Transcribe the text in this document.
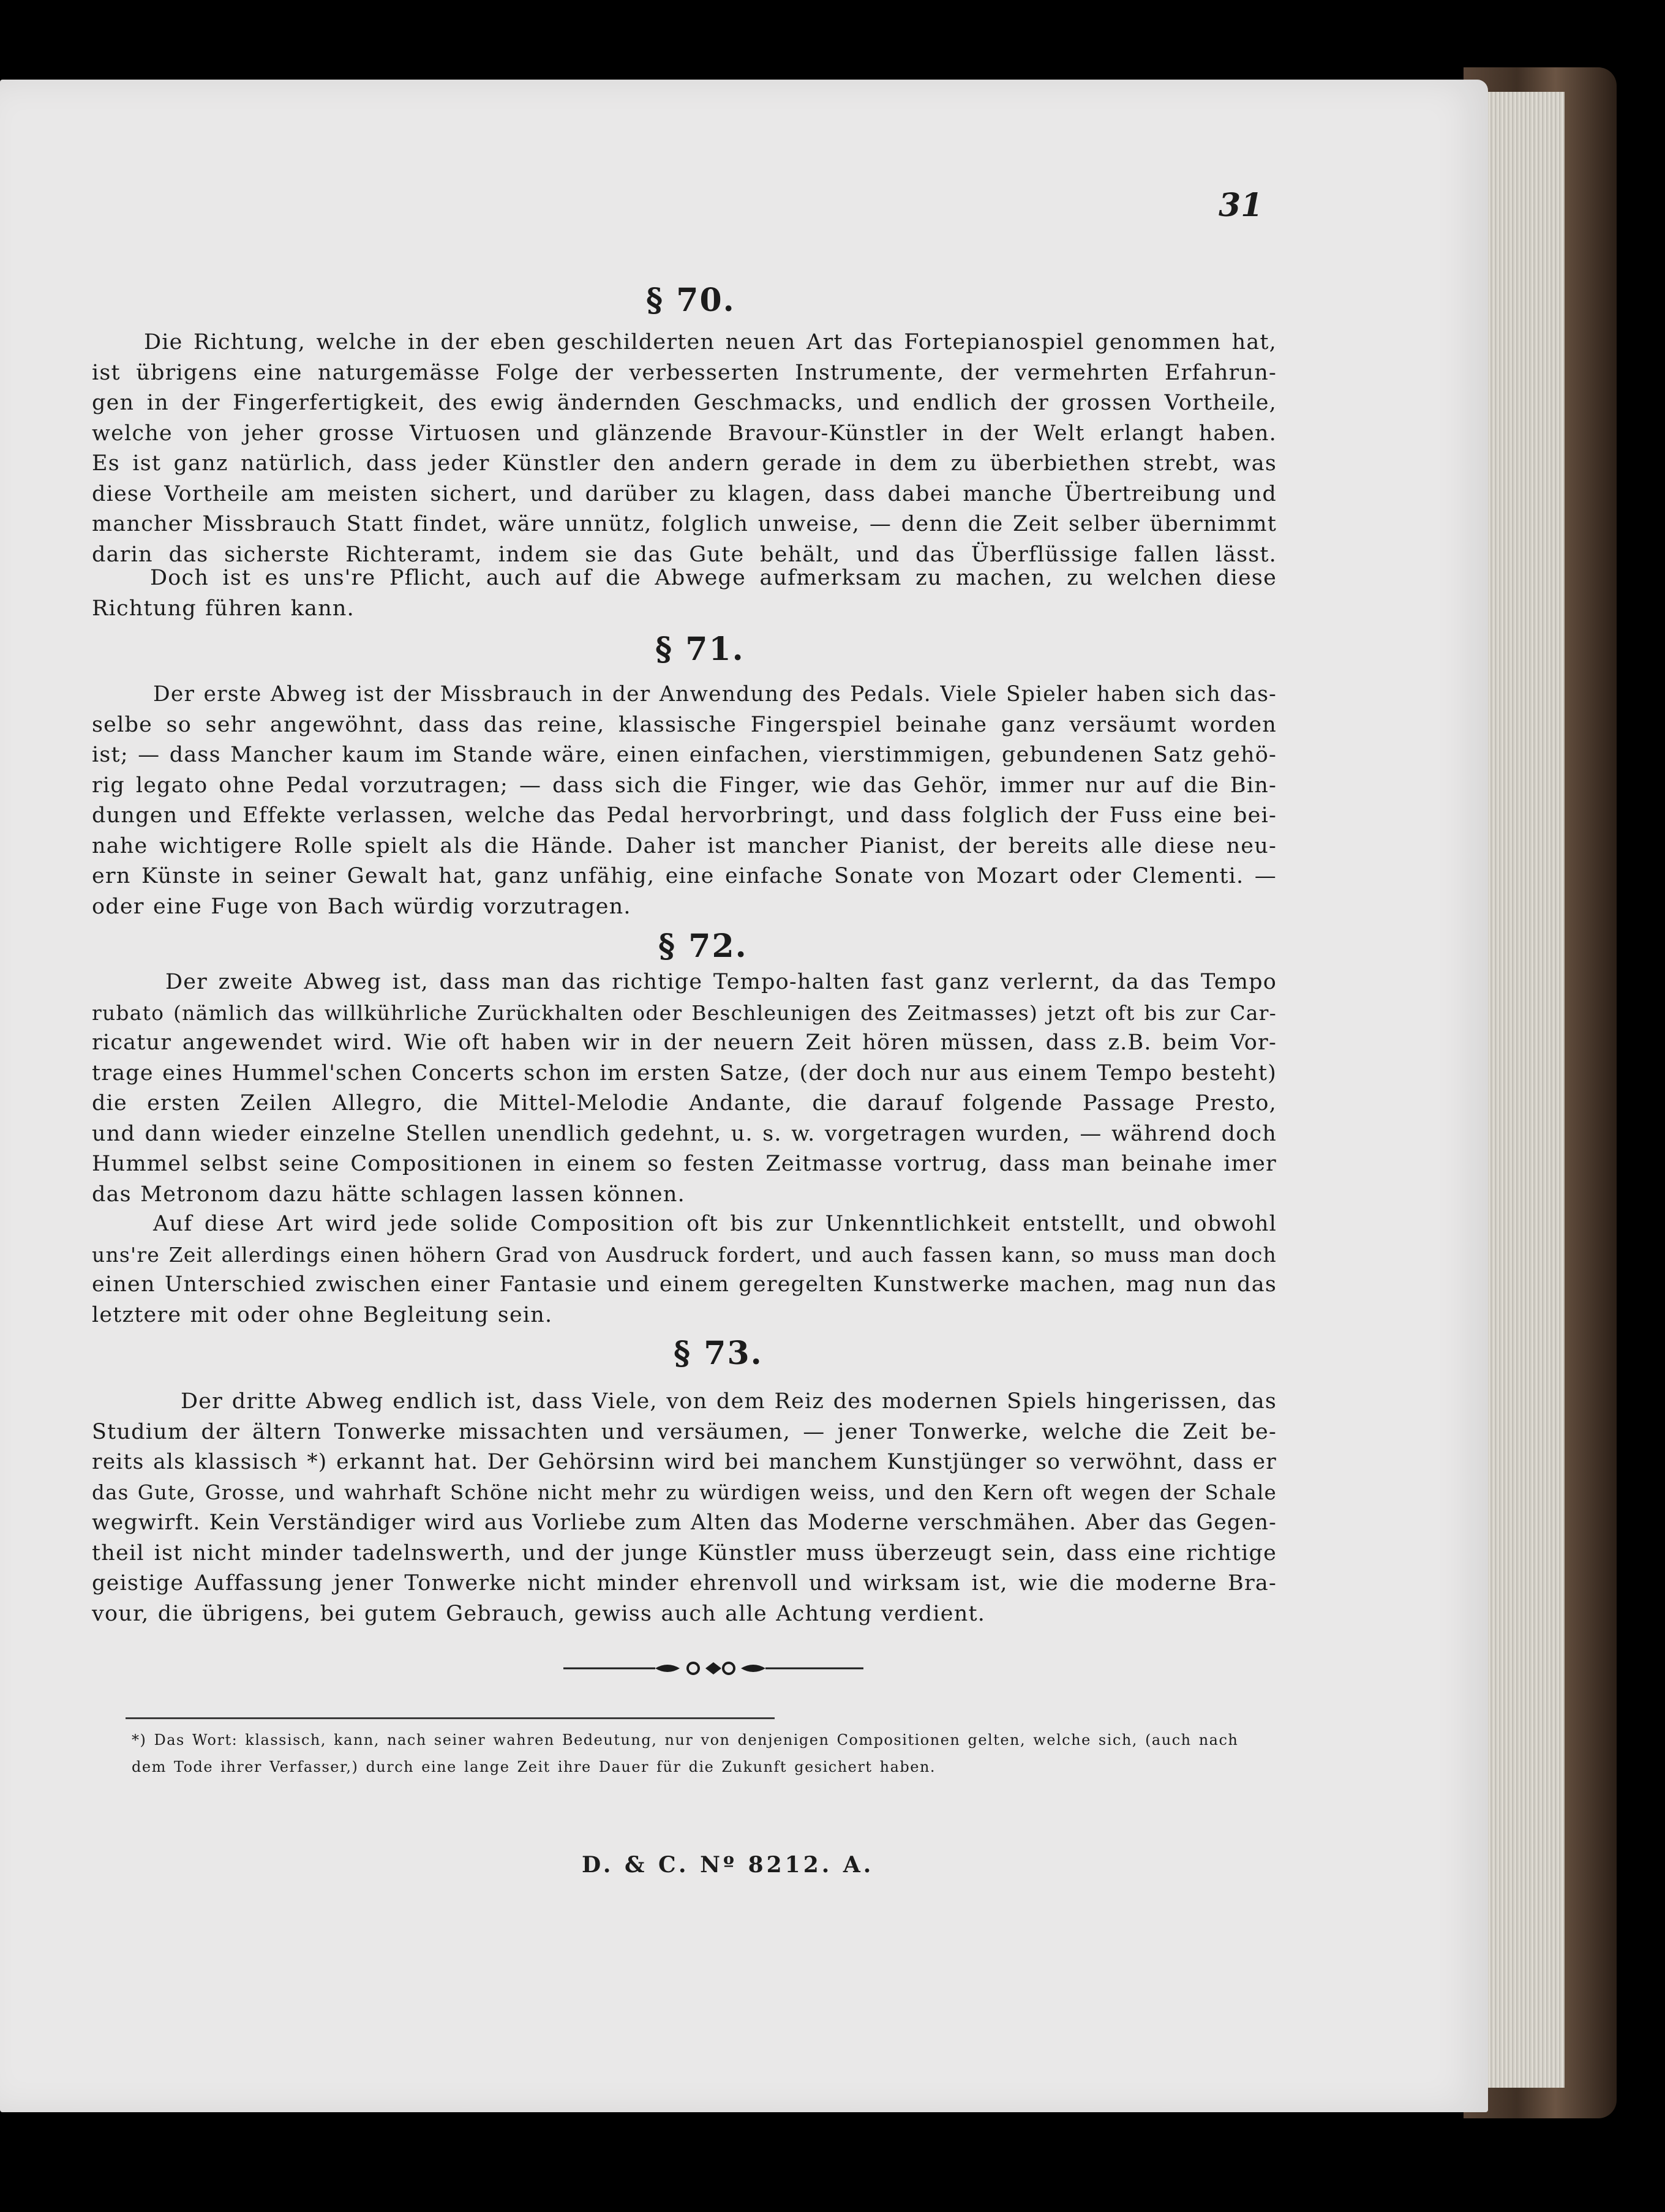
31
§ 70.

Die Richtung, welche in der eben geschilderten neuen Art das Fortepianospiel genommen hat,
ist übrigens eine naturgemässe Folge der verbesserten Instrumente, der vermehrten Erfahrun-
gen in der Fingerfertigkeit, des ewig ändernden Geschmacks, und endlich der grossen Vortheile,
welche von jeher grosse Virtuosen und glänzende Bravour-Künstler in der Welt erlangt haben.
Es ist ganz natürlich, dass jeder Künstler den andern gerade in dem zu überbiethen strebt, was
diese Vortheile am meisten sichert, und darüber zu klagen, dass dabei manche Übertreibung und
mancher Missbrauch Statt findet, wäre unnütz, folglich unweise, — denn die Zeit selber übernimmt
darin das sicherste Richteramt, indem sie das Gute behält, und das Überflüssige fallen lässt.

Doch ist es uns're Pflicht, auch auf die Abwege aufmerksam zu machen, zu welchen diese
Richtung führen kann.

§ 71.

Der erste Abweg ist der Missbrauch in der Anwendung des Pedals. Viele Spieler haben sich das-
selbe so sehr angewöhnt, dass das reine, klassische Fingerspiel beinahe ganz versäumt worden
ist; — dass Mancher kaum im Stande wäre, einen einfachen, vierstimmigen, gebundenen Satz gehö-
rig legato ohne Pedal vorzutragen; — dass sich die Finger, wie das Gehör, immer nur auf die Bin-
dungen und Effekte verlassen, welche das Pedal hervorbringt, und dass folglich der Fuss eine bei-
nahe wichtigere Rolle spielt als die Hände. Daher ist mancher Pianist, der bereits alle diese neu-
ern Künste in seiner Gewalt hat, ganz unfähig, eine einfache Sonate von Mozart oder Clementi. —
oder eine Fuge von Bach würdig vorzutragen.

§ 72.

Der zweite Abweg ist, dass man das richtige Tempo-halten fast ganz verlernt, da das Tempo
rubato (nämlich das willkührliche Zurückhalten oder Beschleunigen des Zeitmasses) jetzt oft bis zur Car-
ricatur angewendet wird. Wie oft haben wir in der neuern Zeit hören müssen, dass z.B. beim Vor-
trage eines Hummel'schen Concerts schon im ersten Satze, (der doch nur aus einem Tempo besteht)
die ersten Zeilen Allegro, die Mittel-Melodie Andante, die darauf folgende Passage Presto,
und dann wieder einzelne Stellen unendlich gedehnt, u. s. w. vorgetragen wurden, — während doch
Hummel selbst seine Compositionen in einem so festen Zeitmasse vortrug, dass man beinahe imer
das Metronom dazu hätte schlagen lassen können.

Auf diese Art wird jede solide Composition oft bis zur Unkenntlichkeit entstellt, und obwohl
uns're Zeit allerdings einen höhern Grad von Ausdruck fordert, und auch fassen kann, so muss man doch
einen Unterschied zwischen einer Fantasie und einem geregelten Kunstwerke machen, mag nun das
letztere mit oder ohne Begleitung sein.

§ 73.

Der dritte Abweg endlich ist, dass Viele, von dem Reiz des modernen Spiels hingerissen, das
Studium der ältern Tonwerke missachten und versäumen, — jener Tonwerke, welche die Zeit be-
reits als klassisch *) erkannt hat. Der Gehörsinn wird bei manchem Kunstjünger so verwöhnt, dass er
das Gute, Grosse, und wahrhaft Schöne nicht mehr zu würdigen weiss, und den Kern oft wegen der Schale
wegwirft. Kein Verständiger wird aus Vorliebe zum Alten das Moderne verschmähen. Aber das Gegen-
theil ist nicht minder tadelnswerth, und der junge Künstler muss überzeugt sein, dass eine richtige
geistige Auffassung jener Tonwerke nicht minder ehrenvoll und wirksam ist, wie die moderne Bra-
vour, die übrigens, bei gutem Gebrauch, gewiss auch alle Achtung verdient.

*) Das Wort: klassisch, kann, nach seiner wahren Bedeutung, nur von denjenigen Compositionen gelten, welche sich, (auch nach
dem Tode ihrer Verfasser,) durch eine lange Zeit ihre Dauer für die Zukunft gesichert haben.

D. & C. Nº 8212. A.
